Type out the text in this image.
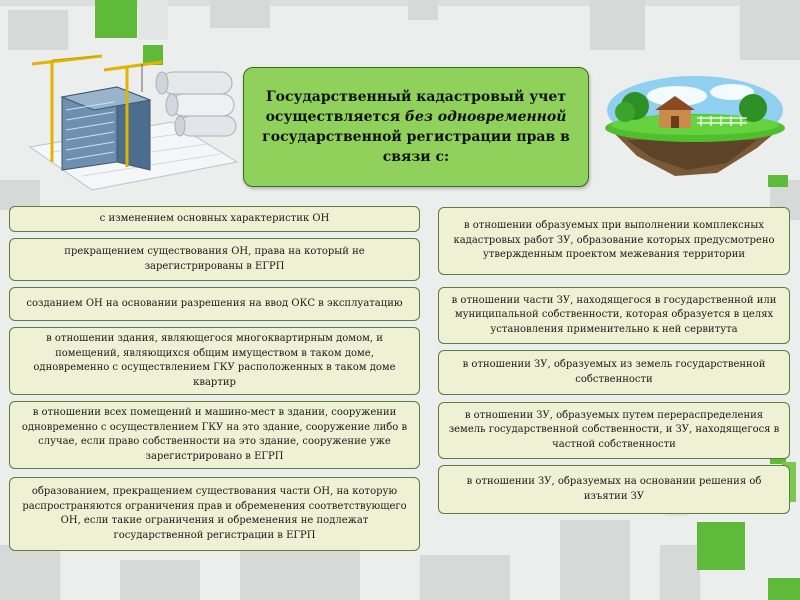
Государственный кадастровый учет осуществляется без одновременной государственной регистрации прав в связи с:
с изменением основных характеристик ОН
прекращением существования ОН, права на который не зарегистрированы в ЕГРП
созданием ОН на основании разрешения на ввод ОКС в эксплуатацию
в отношении здания, являющегося многоквартирным домом, и помещений, являющихся общим имуществом в таком доме, одновременно с осуществлением ГКУ расположенных в таком доме квартир
в отношении всех помещений и машино-мест в здании, сооружении одновременно с осуществлением ГКУ на это здание, сооружение либо в случае, если право собственности на это здание, сооружение уже зарегистрировано в ЕГРП
образованием, прекращением существования части ОН, на которую распространяются ограничения прав и обременения соответствующего ОН, если такие ограничения и обременения не подлежат государственной регистрации в ЕГРП
в отношении образуемых при выполнении комплексных кадастровых работ ЗУ, образование которых предусмотрено утвержденным проектом межевания территории
в отношении части ЗУ, находящегося в государственной или муниципальной собственности, которая образуется в целях установления применительно к ней сервитута
в отношении ЗУ, образуемых из земель государственной собственности
в отношении ЗУ, образуемых путем перераспределения земель государственной собственности, и ЗУ, находящегося в частной собственности
в отношении ЗУ, образуемых на основании решения об изъятии ЗУ
